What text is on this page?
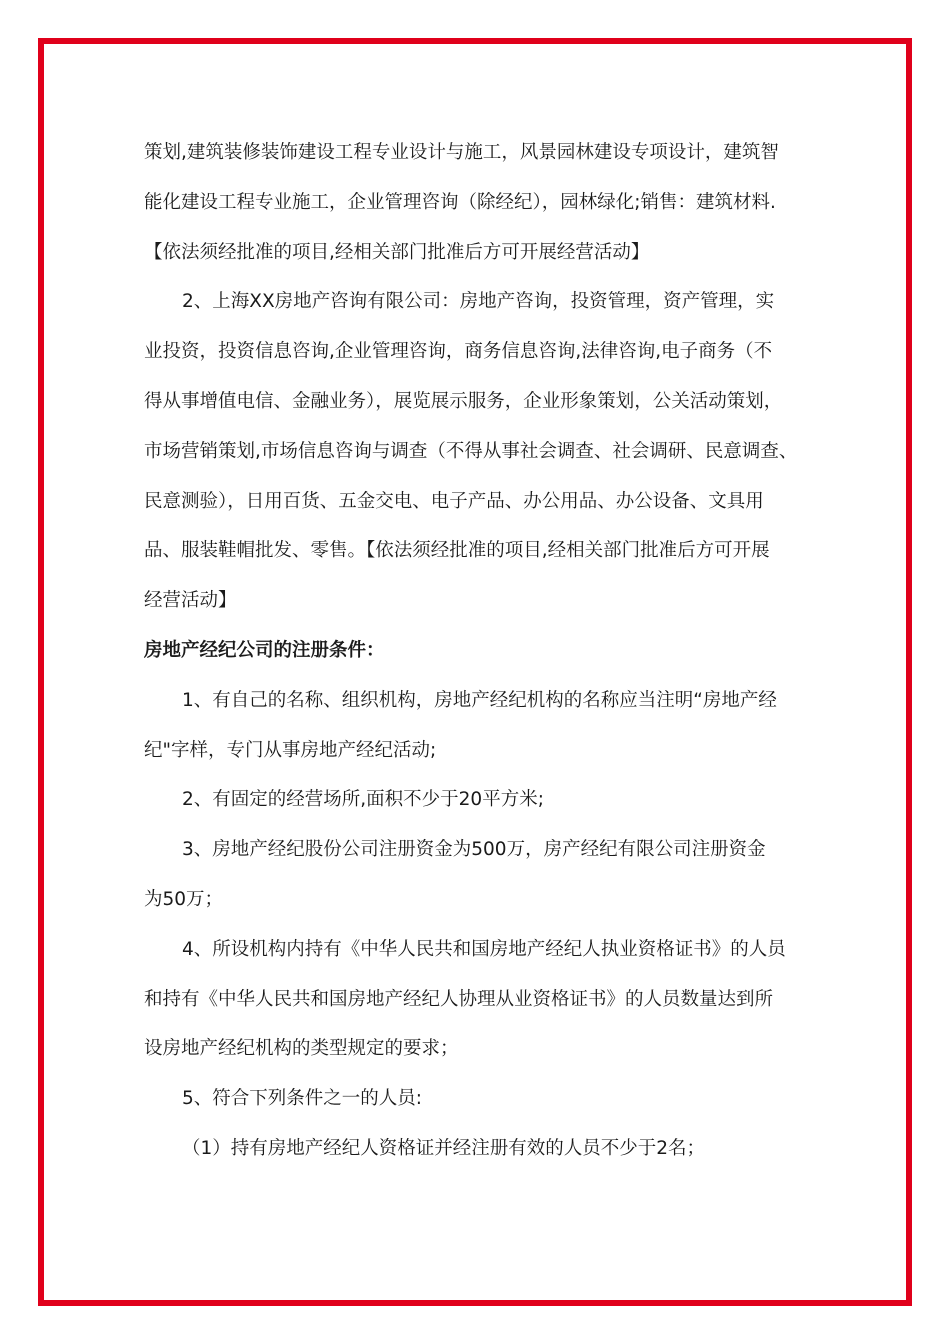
策划,建筑装修装饰建设工程专业设计与施工，风景园林建设专项设计，建筑智
能化建设工程专业施工，企业管理咨询（除经纪），园林绿化;销售：建筑材料.
【依法须经批准的项目,经相关部门批准后方可开展经营活动】
2、上海XX房地产咨询有限公司：房地产咨询，投资管理，资产管理，实
业投资，投资信息咨询,企业管理咨询，商务信息咨询,法律咨询,电子商务（不
得从事增值电信、金融业务），展览展示服务，企业形象策划，公关活动策划，
市场营销策划,市场信息咨询与调查（不得从事社会调查、社会调研、民意调查、
民意测验），日用百货、五金交电、电子产品、办公用品、办公设备、文具用
品、服装鞋帽批发、零售。【依法须经批准的项目,经相关部门批准后方可开展
经营活动】
房地产经纪公司的注册条件：
1、有自己的名称、组织机构，房地产经纪机构的名称应当注明“房地产经
纪"字样，专门从事房地产经纪活动;
2、有固定的经营场所,面积不少于20平方米;
3、房地产经纪股份公司注册资金为500万，房产经纪有限公司注册资金
为50万；
4、所设机构内持有《中华人民共和国房地产经纪人执业资格证书》的人员
和持有《中华人民共和国房地产经纪人协理从业资格证书》的人员数量达到所
设房地产经纪机构的类型规定的要求；
5、符合下列条件之一的人员:
（1）持有房地产经纪人资格证并经注册有效的人员不少于2名；
